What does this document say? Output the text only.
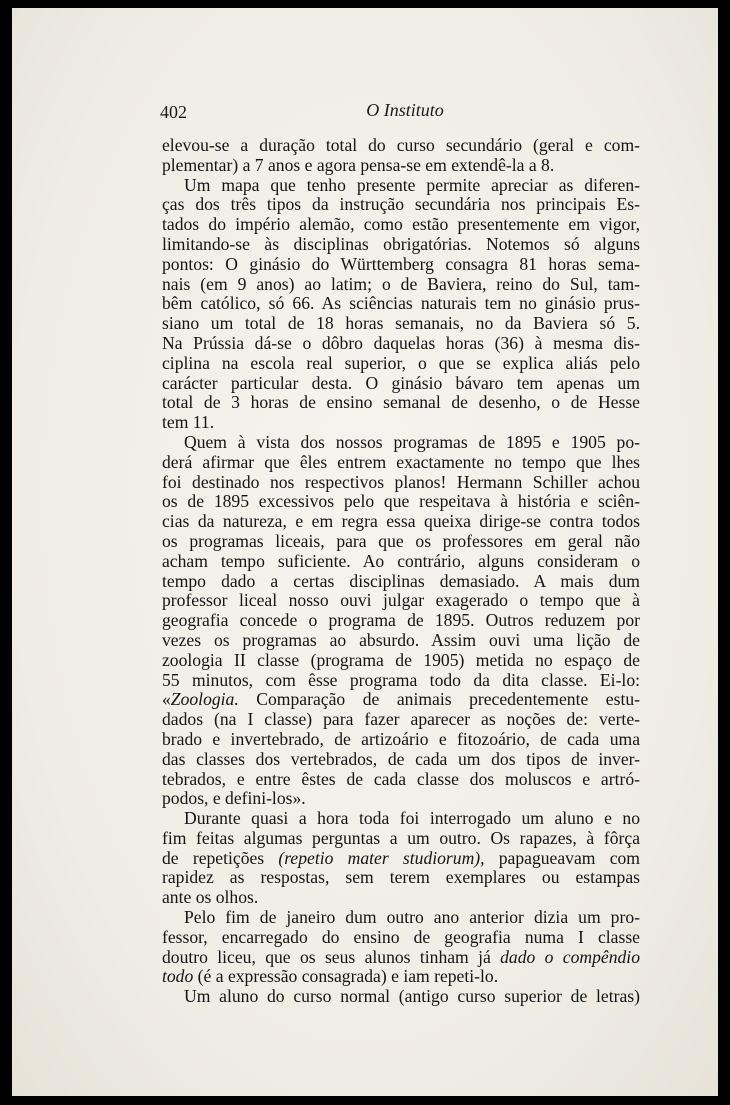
402	O Instituto
elevou-se a duração total do curso secundário (geral e com-
plementar) a 7 anos e agora pensa-se em extendê-la a 8.
Um mapa que tenho presente permite apreciar as diferen-
ças dos três tipos da instrução secundária nos principais Es-
tados do império alemão, como estão presentemente em vigor,
limitando-se às disciplinas obrigatórias. Notemos só alguns
pontos: O ginásio do Württemberg consagra 81 horas sema-
nais (em 9 anos) ao latim; o de Baviera, reino do Sul, tam-
bêm católico, só 66. As sciências naturais tem no ginásio prus-
siano um total de 18 horas semanais, no da Baviera só 5.
Na Prússia dá-se o dôbro daquelas horas (36) à mesma dis-
ciplina na escola real superior, o que se explica aliás pelo
carácter particular desta. O ginásio bávaro tem apenas um
total de 3 horas de ensino semanal de desenho, o de Hesse
tem 11.
Quem à vista dos nossos programas de 1895 e 1905 po-
derá afirmar que êles entrem exactamente no tempo que lhes
foi destinado nos respectivos planos! Hermann Schiller achou
os de 1895 excessivos pelo que respeitava à história e sciên-
cias da natureza, e em regra essa queixa dirige-se contra todos
os programas liceais, para que os professores em geral não
acham tempo suficiente. Ao contrário, alguns consideram o
tempo dado a certas disciplinas demasiado. A mais dum
professor liceal nosso ouvi julgar exagerado o tempo que à
geografia concede o programa de 1895. Outros reduzem por
vezes os programas ao absurdo. Assim ouvi uma lição de
zoologia II classe (programa de 1905) metida no espaço de
55 minutos, com êsse programa todo da dita classe. Ei-lo:
«Zoologia. Comparação de animais precedentemente estu-
dados (na I classe) para fazer aparecer as noções de: verte-
brado e invertebrado, de artizoário e fitozoário, de cada uma
das classes dos vertebrados, de cada um dos tipos de inver-
tebrados, e entre êstes de cada classe dos moluscos e artró-
podos, e defini-los».
Durante quasi a hora toda foi interrogado um aluno e no
fim feitas algumas perguntas a um outro. Os rapazes, à fôrça
de repetições (repetio mater studiorum), papagueavam com
rapidez as respostas, sem terem exemplares ou estampas
ante os olhos.
Pelo fim de janeiro dum outro ano anterior dizia um pro-
fessor, encarregado do ensino de geografia numa I classe
doutro liceu, que os seus alunos tinham já dado o compêndio
todo (é a expressão consagrada) e iam repeti-lo.
Um aluno do curso normal (antigo curso superior de letras)
